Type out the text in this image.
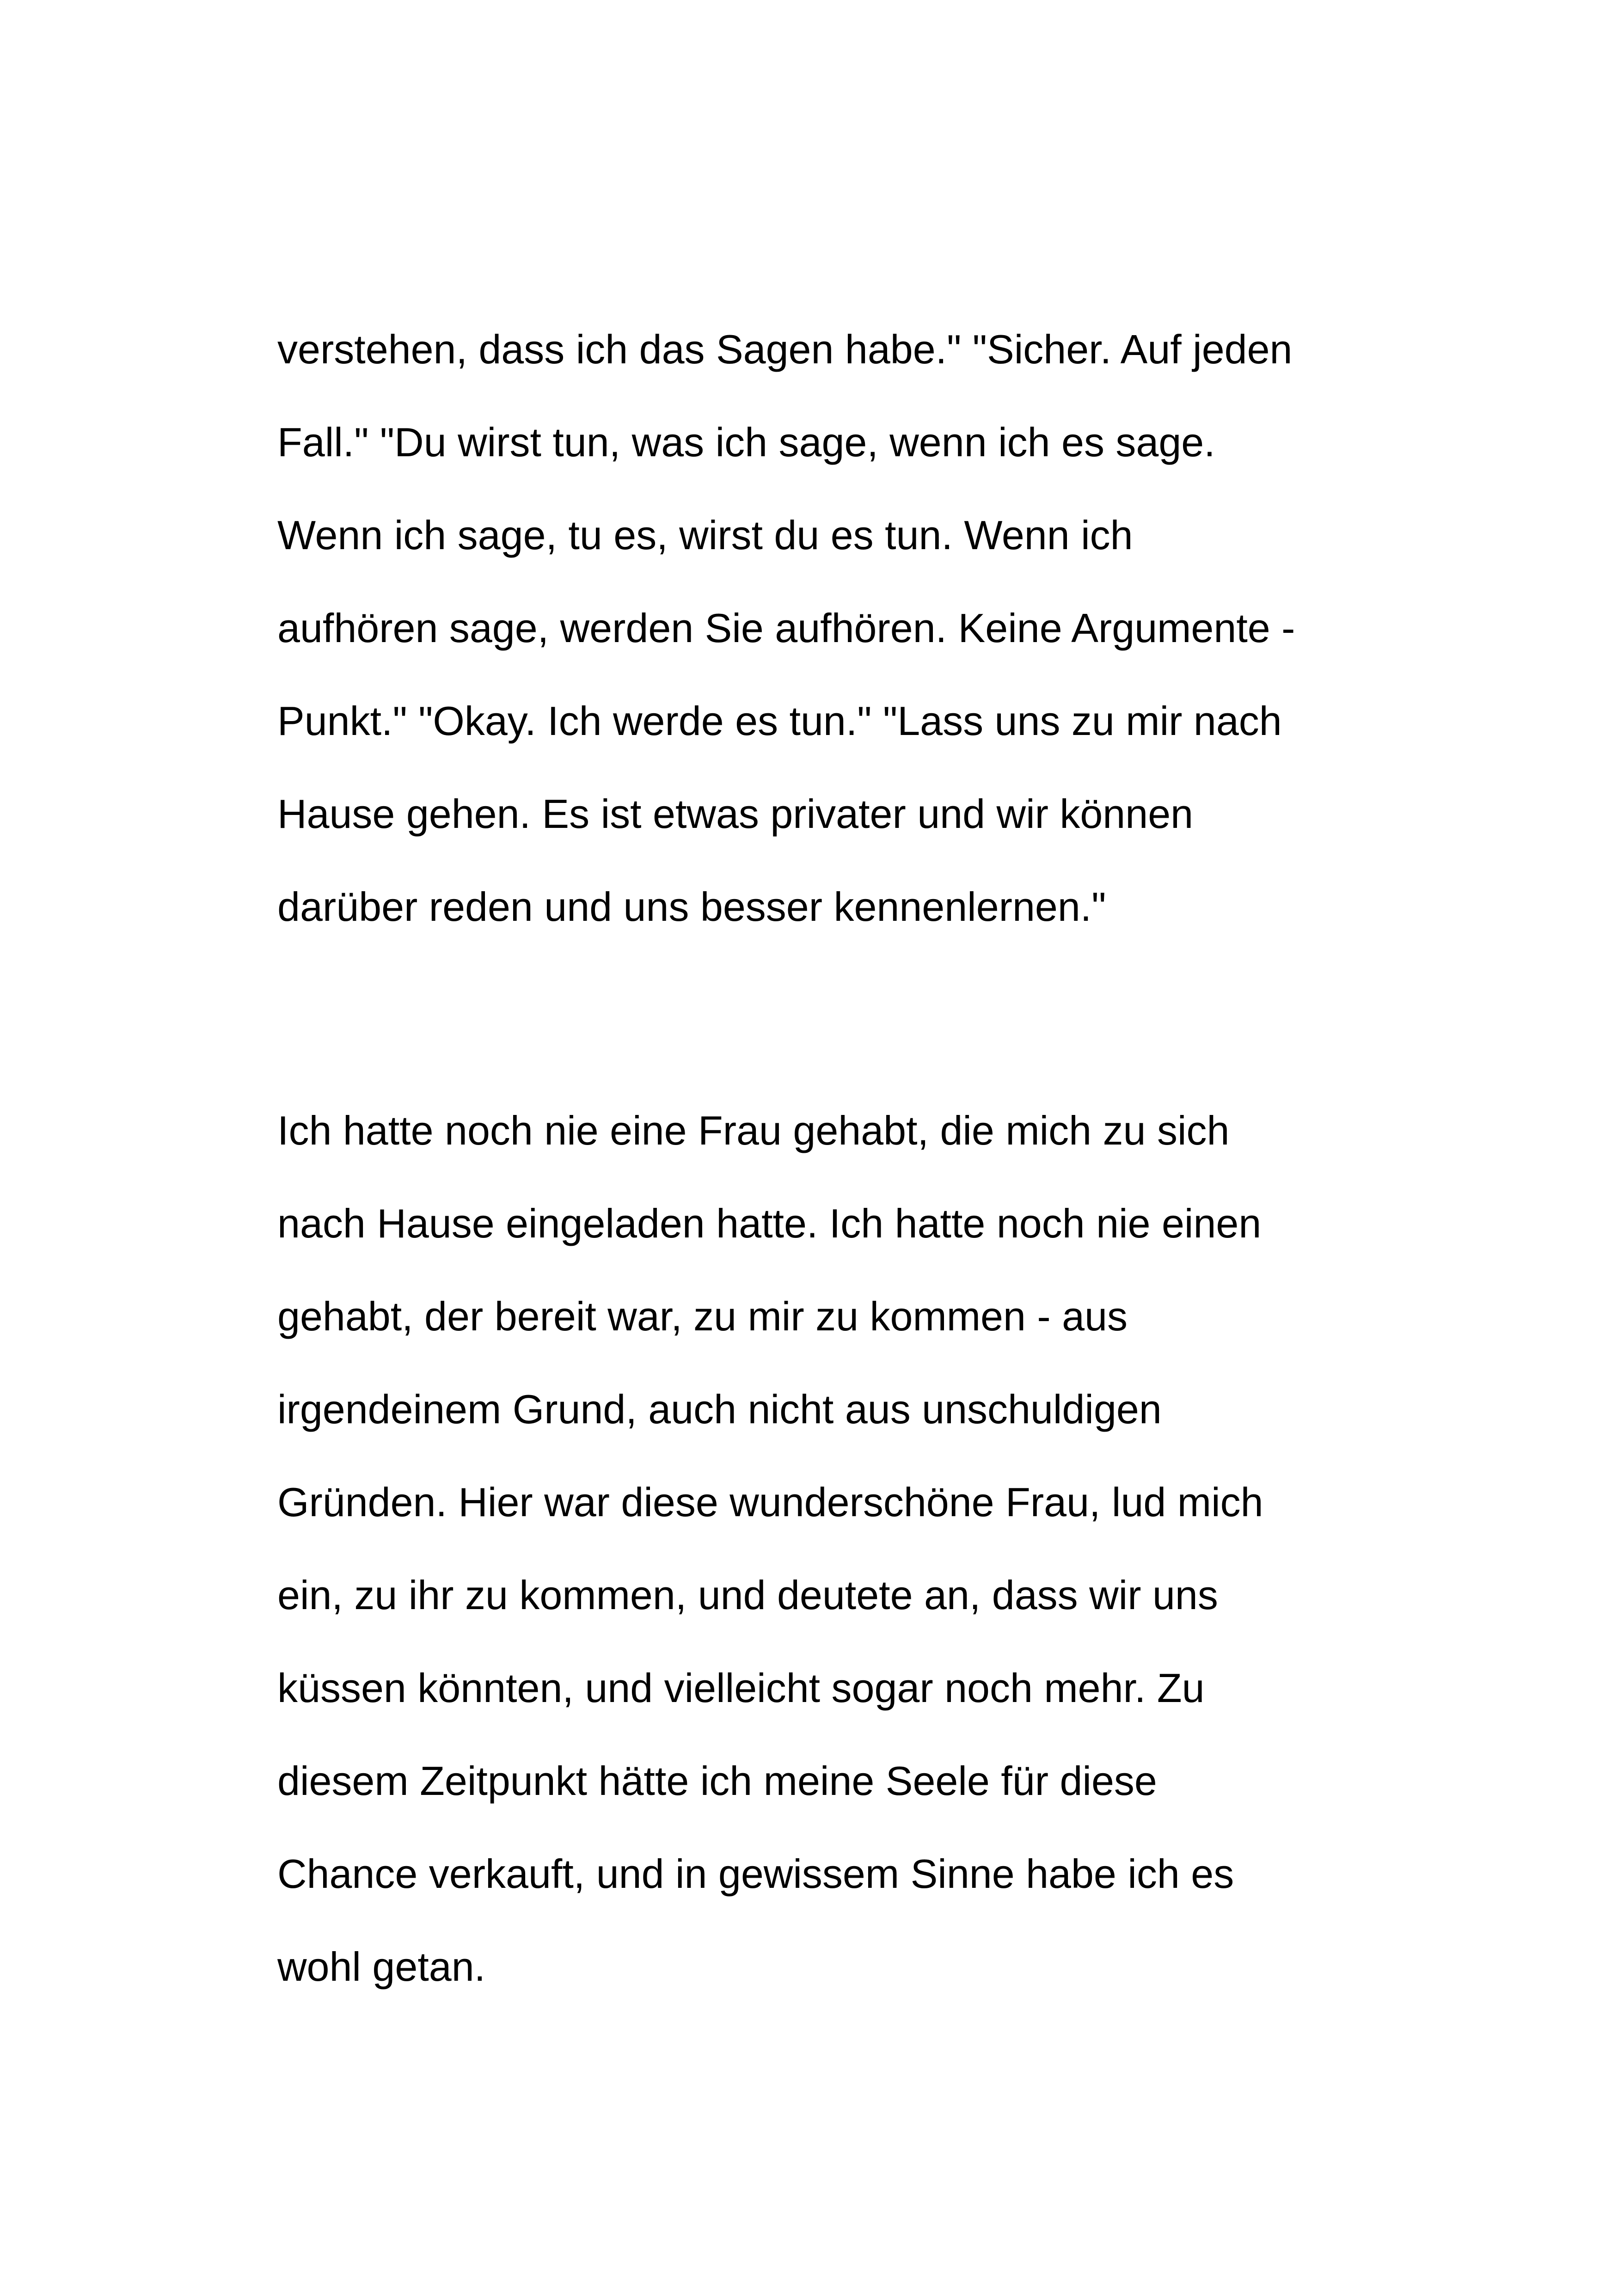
verstehen, dass ich das Sagen habe." "Sicher. Auf jeden
Fall." "Du wirst tun, was ich sage, wenn ich es sage.
Wenn ich sage, tu es, wirst du es tun. Wenn ich
aufhören sage, werden Sie aufhören. Keine Argumente -
Punkt." "Okay. Ich werde es tun." "Lass uns zu mir nach
Hause gehen. Es ist etwas privater und wir können
darüber reden und uns besser kennenlernen."

Ich hatte noch nie eine Frau gehabt, die mich zu sich
nach Hause eingeladen hatte. Ich hatte noch nie einen
gehabt, der bereit war, zu mir zu kommen - aus
irgendeinem Grund, auch nicht aus unschuldigen
Gründen. Hier war diese wunderschöne Frau, lud mich
ein, zu ihr zu kommen, und deutete an, dass wir uns
küssen könnten, und vielleicht sogar noch mehr. Zu
diesem Zeitpunkt hätte ich meine Seele für diese
Chance verkauft, und in gewissem Sinne habe ich es
wohl getan.
